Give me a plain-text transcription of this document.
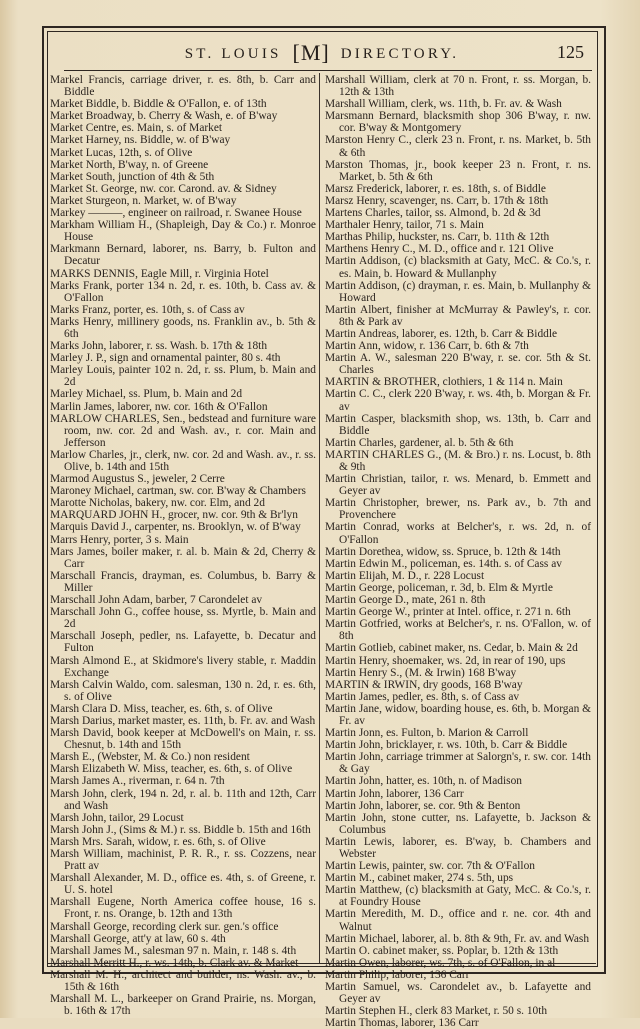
ST. LOUIS [M] DIRECTORY.	125

Markel Francis, carriage driver, r. es. 8th, b. Carr and Biddle

Market Biddle, b. Biddle & O'Fallon, e. of 13th

Market Broadway, b. Cherry & Wash, e. of B'way

Market Centre, es. Main, s. of Market

Market Harney, ns. Biddle, w. of B'way

Market Lucas, 12th, s. of Olive

Market North, B'way, n. of Greene

Market South, junction of 4th & 5th

Market St. George, nw. cor. Carond. av. & Sidney

Market Sturgeon, n. Market, w. of B'way

Markey ———, engineer on railroad, r. Swanee House

Markham William H., (Shapleigh, Day & Co.) r. Monroe House

Markmann Bernard, laborer, ns. Barry, b. Fulton and Decatur

MARKS DENNIS, Eagle Mill, r. Virginia Hotel

Marks Frank, porter 134 n. 2d, r. es. 10th, b. Cass av. & O'Fallon

Marks Franz, porter, es. 10th, s. of Cass av

Marks Henry, millinery goods, ns. Franklin av., b. 5th & 6th

Marks John, laborer, r. ss. Wash. b. 17th & 18th

Marley J. P., sign and ornamental painter, 80 s. 4th

Marley Louis, painter 102 n. 2d, r. ss. Plum, b. Main and 2d

Marley Michael, ss. Plum, b. Main and 2d

Marlin James, laborer, nw. cor. 16th & O'Fallon

MARLOW CHARLES, Sen., bedstead and furniture ware room, nw. cor. 2d and Wash. av., r. cor. Main and Jefferson

Marlow Charles, jr., clerk, nw. cor. 2d and Wash. av., r. ss. Olive, b. 14th and 15th

Marmod Augustus S., jeweler, 2 Cerre

Maroney Michael, cartman, sw. cor. B'way & Chambers

Marotte Nicholas, bakery, nw. cor. Elm, and 2d

MARQUARD JOHN H., grocer, nw. cor. 9th & Br'lyn

Marquis David J., carpenter, ns. Brooklyn, w. of B'way

Marrs Henry, porter, 3 s. Main

Mars James, boiler maker, r. al. b. Main & 2d, Cherry & Carr

Marschall Francis, drayman, es. Columbus, b. Barry & Miller

Marschall John Adam, barber, 7 Carondelet av

Marschall John G., coffee house, ss. Myrtle, b. Main and 2d

Marschall Joseph, pedler, ns. Lafayette, b. Decatur and Fulton

Marsh Almond E., at Skidmore's livery stable, r. Maddin Exchange

Marsh Calvin Waldo, com. salesman, 130 n. 2d, r. es. 6th, s. of Olive

Marsh Clara D. Miss, teacher, es. 6th, s. of Olive

Marsh Darius, market master, es. 11th, b. Fr. av. and Wash

Marsh David, book keeper at McDowell's on Main, r. ss. Chesnut, b. 14th and 15th

Marsh E., (Webster, M. & Co.) non resident

Marsh Elizabeth W. Miss, teacher, es. 6th, s. of Olive

Marsh James A., riverman, r. 64 n. 7th

Marsh John, clerk, 194 n. 2d, r. al. b. 11th and 12th, Carr and Wash

Marsh John, tailor, 29 Locust

Marsh John J., (Sims & M.) r. ss. Biddle b. 15th and 16th

Marsh Mrs. Sarah, widow, r. es. 6th, s. of Olive

Marsh William, machinist, P. R. R., r. ss. Cozzens, near Pratt av

Marshall Alexander, M. D., office es. 4th, s. of Greene, r. U. S. hotel

Marshall Eugene, North America coffee house, 16 s. Front, r. ns. Orange, b. 12th and 13th

Marshall George, recording clerk sur. gen.'s office

Marshall George, att'y at law, 60 s. 4th

Marshall James M., salesman 97 n. Main, r. 148 s. 4th

Marshall Merritt H., r. ws. 14th, b. Clark av. & Market

Marshall M. H., architect and builder, ns. Wash. av., b. 15th & 16th

Marshall M. L., barkeeper on Grand Prairie, ns. Morgan, b. 16th & 17th

Marshall William, clerk at 70 n. Front, r. ss. Morgan, b. 12th & 13th

Marshall William, clerk, ws. 11th, b. Fr. av. & Wash

Marsmann Bernard, blacksmith shop 306 B'way, r. nw. cor. B'way & Montgomery

Marston Henry C., clerk 23 n. Front, r. ns. Market, b. 5th & 6th

Marston Thomas, jr., book keeper 23 n. Front, r. ns. Market, b. 5th & 6th

Marsz Frederick, laborer, r. es. 18th, s. of Biddle

Marsz Henry, scavenger, ns. Carr, b. 17th & 18th

Martens Charles, tailor, ss. Almond, b. 2d & 3d

Marthaler Henry, tailor, 71 s. Main

Marthas Philip, huckster, ns. Carr, b. 11th & 12th

Marthens Henry C., M. D., office and r. 121 Olive

Martin Addison, (c) blacksmith at Gaty, McC. & Co.'s, r. es. Main, b. Howard & Mullanphy

Martin Addison, (c) drayman, r. es. Main, b. Mullanphy & Howard

Martin Albert, finisher at McMurray & Pawley's, r. cor. 8th & Park av

Martin Andreas, laborer, es. 12th, b. Carr & Biddle

Martin Ann, widow, r. 136 Carr, b. 6th & 7th

Martin A. W., salesman 220 B'way, r. se. cor. 5th & St. Charles

MARTIN & BROTHER, clothiers, 1 & 114 n. Main

Martin C. C., clerk 220 B'way, r. ws. 4th, b. Morgan & Fr. av

Martin Casper, blacksmith shop, ws. 13th, b. Carr and Biddle

Martin Charles, gardener, al. b. 5th & 6th

MARTIN CHARLES G., (M. & Bro.) r. ns. Locust, b. 8th & 9th

Martin Christian, tailor, r. ws. Menard, b. Emmett and Geyer av

Martin Christopher, brewer, ns. Park av., b. 7th and Provenchere

Martin Conrad, works at Belcher's, r. ws. 2d, n. of O'Fallon

Martin Dorethea, widow, ss. Spruce, b. 12th & 14th

Martin Edwin M., policeman, es. 14th. s. of Cass av

Martin Elijah, M. D., r. 228 Locust

Martin George, policeman, r. 3d, b. Elm & Myrtle

Martin George D., mate, 261 n. 8th

Martin George W., printer at Intel. office, r. 271 n. 6th

Martin Gotfried, works at Belcher's, r. ns. O'Fallon, w. of 8th

Martin Gotlieb, cabinet maker, ns. Cedar, b. Main & 2d

Martin Henry, shoemaker, ws. 2d, in rear of 190, ups

Martin Henry S., (M. & Irwin) 168 B'way

MARTIN & IRWIN, dry goods, 168 B'way

Martin James, pedler, es. 8th, s. of Cass av

Martin Jane, widow, boarding house, es. 6th, b. Morgan & Fr. av

Martin Jonn, es. Fulton, b. Marion & Carroll

Martin John, bricklayer, r. ws. 10th, b. Carr & Biddle

Martin John, carriage trimmer at Salorgn's, r. sw. cor. 14th & Gay

Martin John, hatter, es. 10th, n. of Madison

Martin John, laborer, 136 Carr

Martin John, laborer, se. cor. 9th & Benton

Martin John, stone cutter, ns. Lafayette, b. Jackson & Columbus

Martin Lewis, laborer, es. B'way, b. Chambers and Webster

Martin Lewis, painter, sw. cor. 7th & O'Fallon

Martin M., cabinet maker, 274 s. 5th, ups

Martin Matthew, (c) blacksmith at Gaty, McC. & Co.'s, r. at Foundry House

Martin Meredith, M. D., office and r. ne. cor. 4th and Walnut

Martin Michael, laborer, al. b. 8th & 9th, Fr. av. and Wash

Martin O. cabinet maker, ss. Poplar, b. 12th & 13th

Martin Owen, laborer, ws. 7th, s. of O'Fallon, in al

Martin Philip, laborer, 136 Carr

Martin Samuel, ws. Carondelet av., b. Lafayette and Geyer av

Martin Stephen H., clerk 83 Market, r. 50 s. 10th

Martin Thomas, laborer, 136 Carr
